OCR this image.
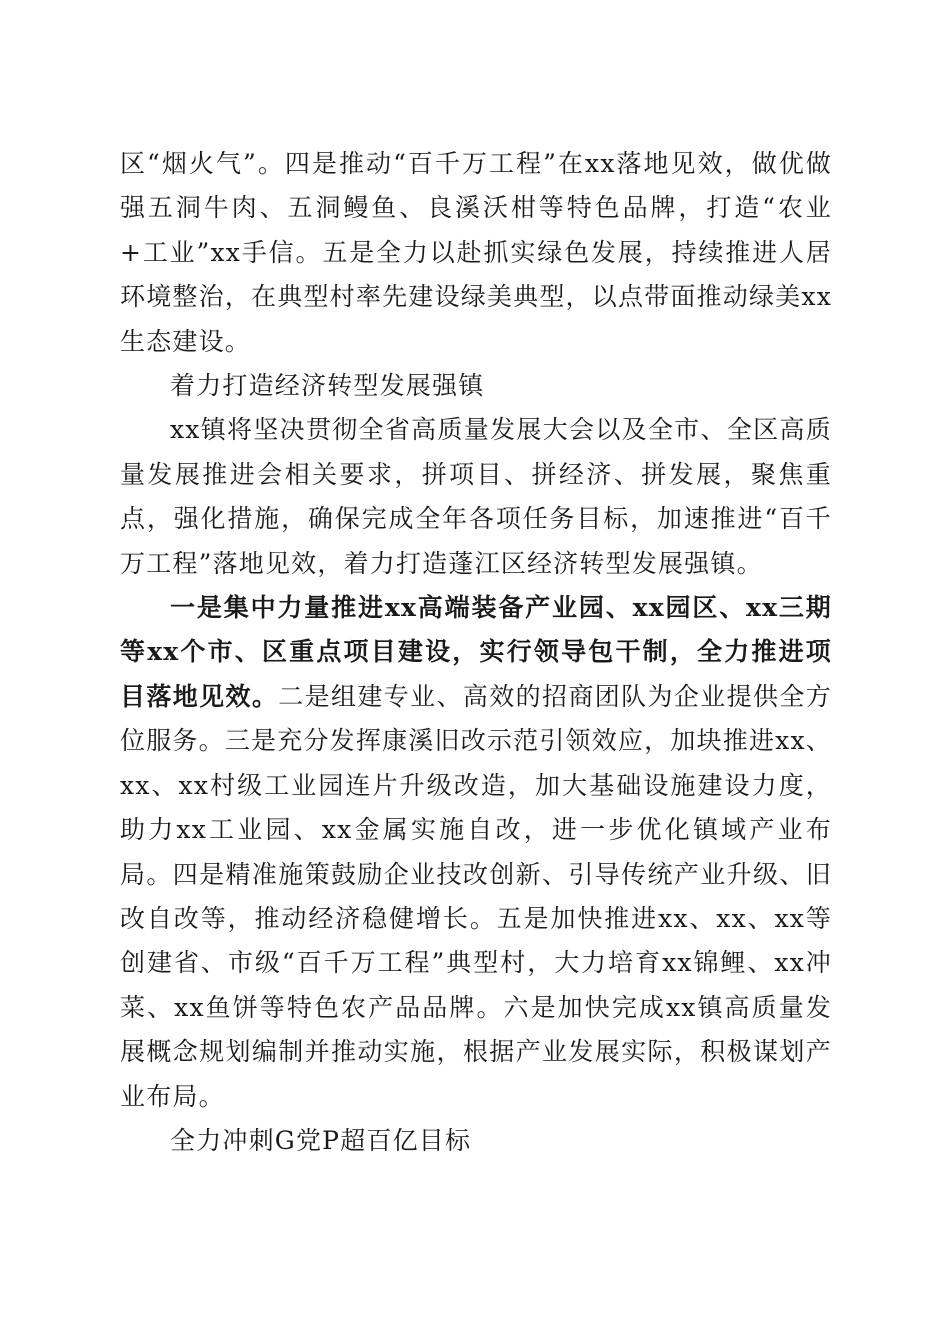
区“烟火气”。四是推动“百千万工程”在xx落地见效，做优做强五洞牛肉、五洞鳗鱼、良溪沃柑等特色品牌，打造“农业+工业”xx手信。五是全力以赴抓实绿色发展，持续推进人居环境整治，在典型村率先建设绿美典型，以点带面推动绿美xx生态建设。

着力打造经济转型发展强镇

xx镇将坚决贯彻全省高质量发展大会以及全市、全区高质量发展推进会相关要求，拼项目、拼经济、拼发展，聚焦重点，强化措施，确保完成全年各项任务目标，加速推进“百千万工程”落地见效，着力打造蓬江区经济转型发展强镇。

一是集中力量推进xx高端装备产业园、xx园区、xx三期等xx个市、区重点项目建设，实行领导包干制，全力推进项目落地见效。二是组建专业、高效的招商团队为企业提供全方位服务。三是充分发挥康溪旧改示范引领效应，加块推进xx、xx、xx村级工业园连片升级改造，加大基础设施建设力度，助力xx工业园、xx金属实施自改，进一步优化镇域产业布局。四是精准施策鼓励企业技改创新、引导传统产业升级、旧改自改等，推动经济稳健增长。五是加快推进xx、xx、xx等创建省、市级“百千万工程”典型村，大力培育xx锦鲤、xx冲菜、xx鱼饼等特色农产品品牌。六是加快完成xx镇高质量发展概念规划编制并推动实施，根据产业发展实际，积极谋划产业布局。

全力冲刺G党P超百亿目标
